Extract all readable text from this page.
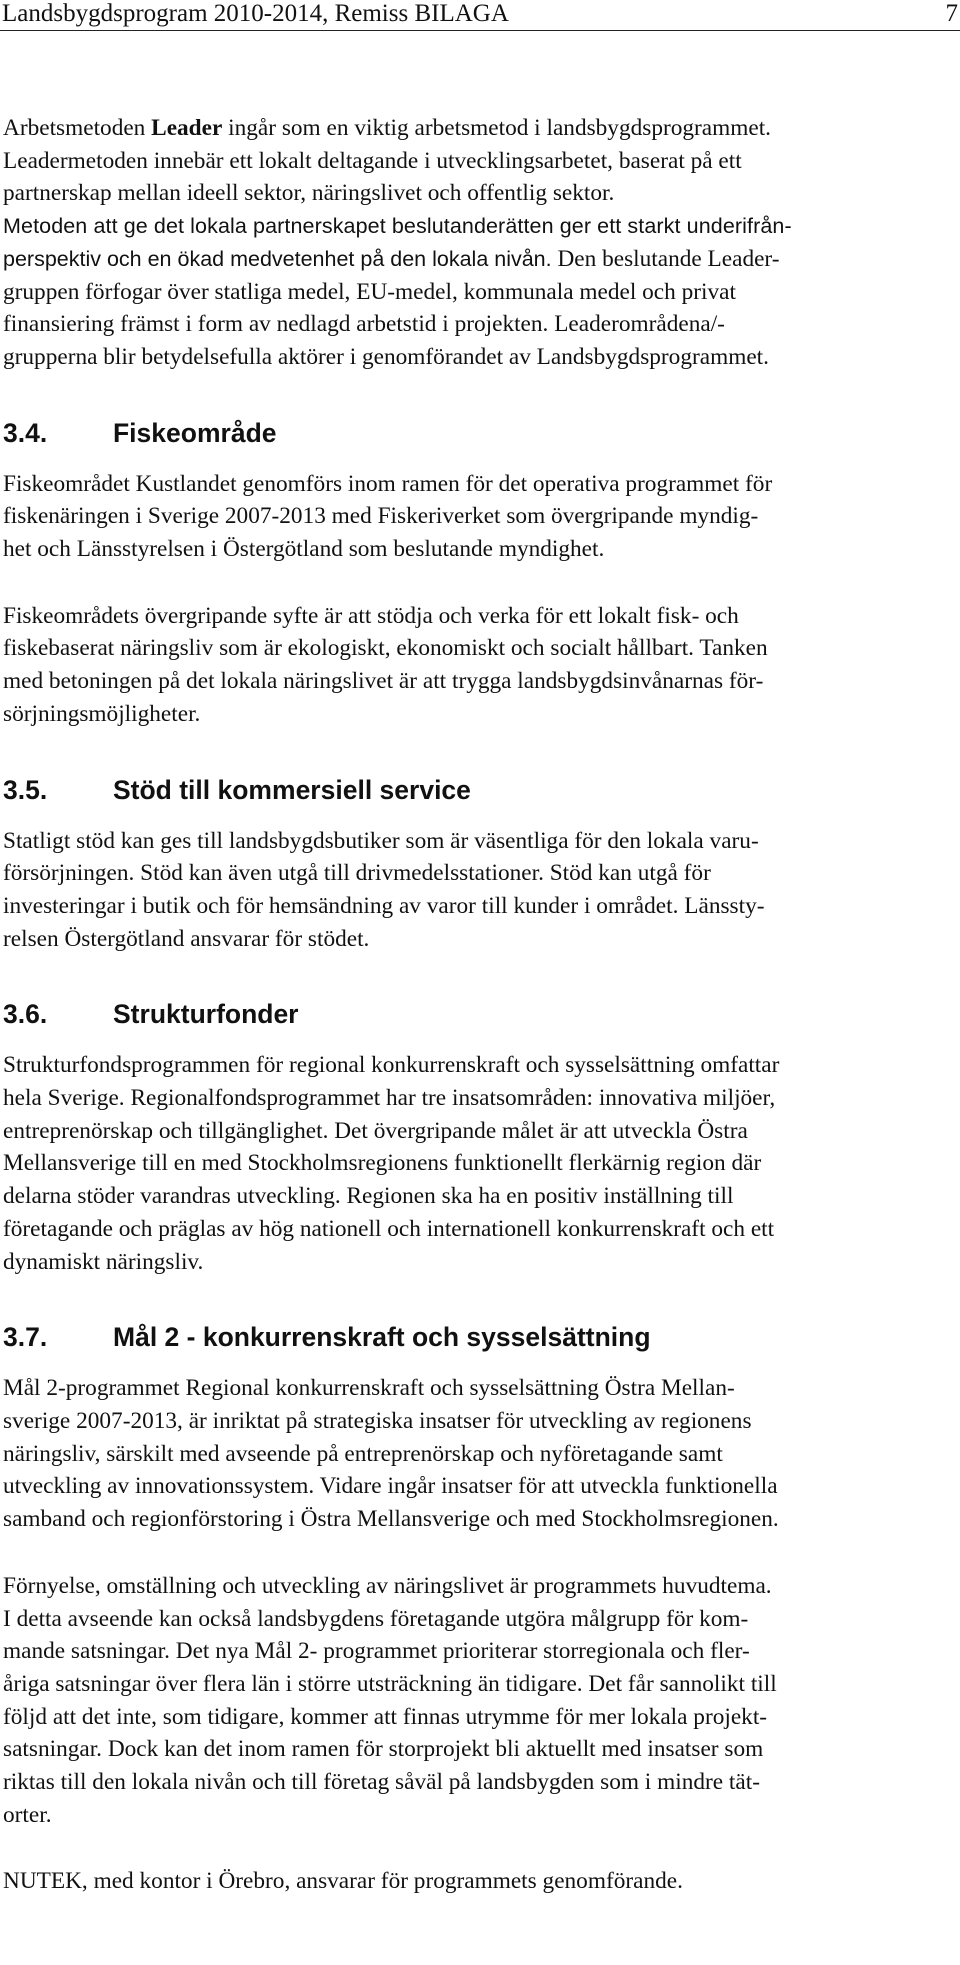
Landsbygdsprogram 2010-2014, Remiss BILAGA	7
Arbetsmetoden Leader ingår som en viktig arbetsmetod i landsbygdsprogrammet.
Leadermetoden innebär ett lokalt deltagande i utvecklingsarbetet, baserat på ett
partnerskap mellan ideell sektor, näringslivet och offentlig sektor.
Metoden att ge det lokala partnerskapet beslutanderätten ger ett starkt underifrån-
perspektiv och en ökad medvetenhet på den lokala nivån. Den beslutande Leader-
gruppen förfogar över statliga medel, EU-medel, kommunala medel och privat
finansiering främst i form av nedlagd arbetstid i projekten. Leaderområdena/-
grupperna blir betydelsefulla aktörer i genomförandet av Landsbygdsprogrammet.
3.4.	Fiskeområde
Fiskeområdet Kustlandet genomförs inom ramen för det operativa programmet för
fiskenäringen i Sverige 2007-2013 med Fiskeriverket som övergripande myndig-
het och Länsstyrelsen i Östergötland som beslutande myndighet.
Fiskeområdets övergripande syfte är att stödja och verka för ett lokalt fisk- och
fiskebaserat näringsliv som är ekologiskt, ekonomiskt och socialt hållbart. Tanken
med betoningen på det lokala näringslivet är att trygga landsbygdsinvånarnas för-
sörjningsmöjligheter.
3.5.	Stöd till kommersiell service
Statligt stöd kan ges till landsbygdsbutiker som är väsentliga för den lokala varu-
försörjningen. Stöd kan även utgå till drivmedelsstationer. Stöd kan utgå för
investeringar i butik och för hemsändning av varor till kunder i området. Länssty-
relsen Östergötland ansvarar för stödet.
3.6.	Strukturfonder
Strukturfondsprogrammen för regional konkurrenskraft och sysselsättning omfattar
hela Sverige. Regionalfondsprogrammet har tre insatsområden: innovativa miljöer,
entreprenörskap och tillgänglighet. Det övergripande målet är att utveckla Östra
Mellansverige till en med Stockholmsregionens funktionellt flerkärnig region där
delarna stöder varandras utveckling. Regionen ska ha en positiv inställning till
företagande och präglas av hög nationell och internationell konkurrenskraft och ett
dynamiskt näringsliv.
3.7.	Mål 2 - konkurrenskraft och sysselsättning
Mål 2-programmet Regional konkurrenskraft och sysselsättning Östra Mellan-
sverige 2007-2013, är inriktat på strategiska insatser för utveckling av regionens
näringsliv, särskilt med avseende på entreprenörskap och nyföretagande samt
utveckling av innovationssystem. Vidare ingår insatser för att utveckla funktionella
samband och regionförstoring i Östra Mellansverige och med Stockholmsregionen.
Förnyelse, omställning och utveckling av näringslivet är programmets huvudtema.
I detta avseende kan också landsbygdens företagande utgöra målgrupp för kom-
mande satsningar. Det nya Mål 2- programmet prioriterar storregionala och fler-
åriga satsningar över flera län i större utsträckning än tidigare. Det får sannolikt till
följd att det inte, som tidigare, kommer att finnas utrymme för mer lokala projekt-
satsningar. Dock kan det inom ramen för storprojekt bli aktuellt med insatser som
riktas till den lokala nivån och till företag såväl på landsbygden som i mindre tät-
orter.
NUTEK, med kontor i Örebro, ansvarar för programmets genomförande.
